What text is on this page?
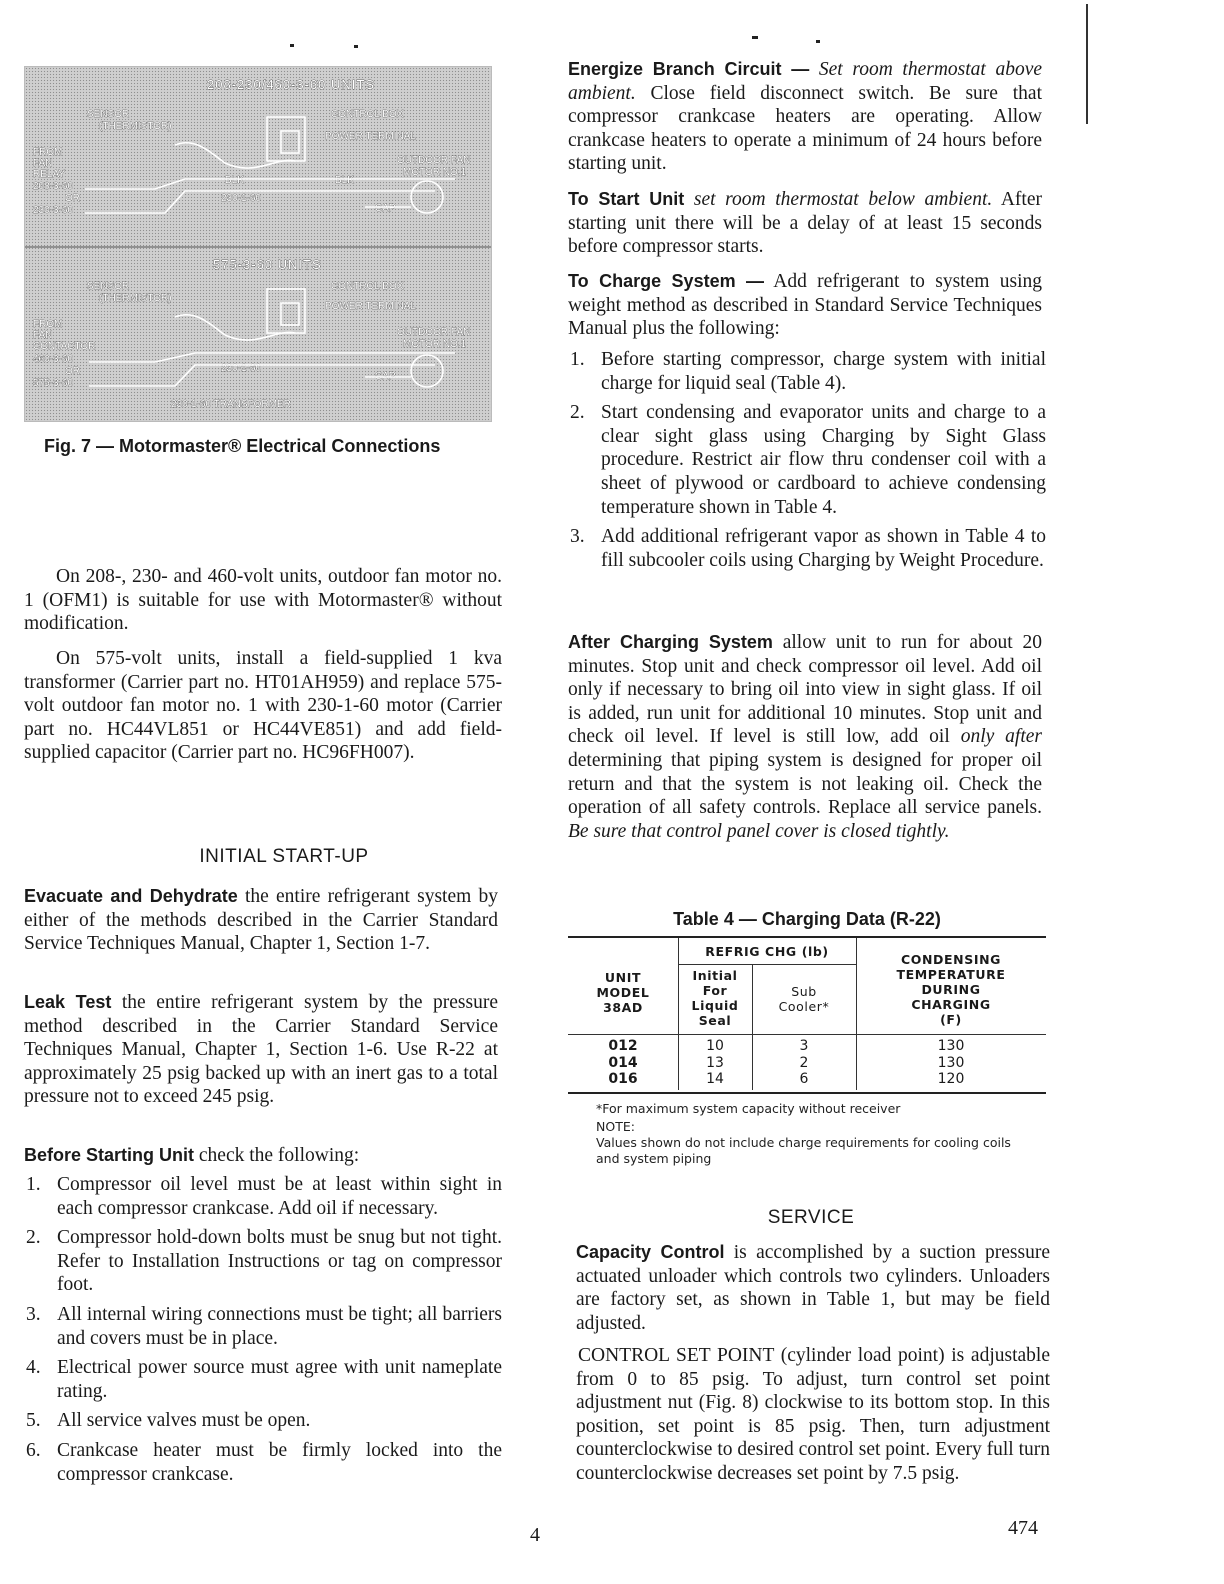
208-230/460-3-60 UNITS
SENSOR
(THERMISTOR)
FROM
FAN
RELAY
208-3-60
OR
230-3-60
CONTROL BOX
POWER TERMINAL
BLK	BLK
230-1-60
OUTDOOR FAN
MOTOR NO.1
CAP
575-3-60 UNITS
SENSOR
(THERMISTOR)
FROM
FAN
CONTACTOR
460-3-60
OR
575-3-60
CONTROL BOX
POWER TERMINAL
230-1-60
OUTDOOR FAN
MOTOR NO.1
CAP
230-1-60 TRANSFORMER
Fig. 7 — Motormaster® Electrical Connections

On 208-, 230- and 460-volt units, outdoor fan motor no. 1 (OFM1) is suitable for use with Motormaster® without modification.

On 575-volt units, install a field-supplied 1 kva transformer (Carrier part no. HT01AH959) and replace 575-volt outdoor fan motor no. 1 with 230-1-60 motor (Carrier part no. HC44VL851 or HC44VE851) and add field-supplied capacitor (Carrier part no. HC96FH007).

INITIAL START-UP

Evacuate and Dehydrate the entire refrigerant system by either of the methods described in the Carrier Standard Service Techniques Manual, Chapter 1, Section 1-7.

Leak Test the entire refrigerant system by the pressure method described in the Carrier Standard Service Techniques Manual, Chapter 1, Section 1-6. Use R-22 at approximately 25 psig backed up with an inert gas to a total pressure not to exceed 245 psig.

Before Starting Unit check the following:

1. Compressor oil level must be at least within sight in each compressor crankcase. Add oil if necessary.
2. Compressor hold-down bolts must be snug but not tight. Refer to Installation Instructions or tag on compressor foot.
3. All internal wiring connections must be tight; all barriers and covers must be in place.
4. Electrical power source must agree with unit nameplate rating.
5. All service valves must be open.
6. Crankcase heater must be firmly locked into the compressor crankcase.

Energize Branch Circuit — Set room thermostat above ambient. Close field disconnect switch. Be sure that compressor crankcase heaters are operating. Allow crankcase heaters to operate a minimum of 24 hours before starting unit.

To Start Unit set room thermostat below ambient. After starting unit there will be a delay of at least 15 seconds before compressor starts.

To Charge System — Add refrigerant to system using weight method as described in Standard Service Techniques Manual plus the following:

1. Before starting compressor, charge system with initial charge for liquid seal (Table 4).
2. Start condensing and evaporator units and charge to a clear sight glass using Charging by Sight Glass procedure. Restrict air flow thru condenser coil with a sheet of plywood or cardboard to achieve condensing temperature shown in Table 4.
3. Add additional refrigerant vapor as shown in Table 4 to fill subcooler coils using Charging by Weight Procedure.

After Charging System allow unit to run for about 20 minutes. Stop unit and check compressor oil level. Add oil only if necessary to bring oil into view in sight glass. If oil is added, run unit for additional 10 minutes. Stop unit and check oil level. If level is still low, add oil only after determining that piping system is designed for proper oil return and that the system is not leaking oil. Check the operation of all safety controls. Replace all service panels. Be sure that control panel cover is closed tightly.

Table 4 — Charging Data (R-22)
UNIT
MODEL
38AD
REFRIG CHG (lb)
Initial
For
Liquid
Seal
Sub
Cooler*
CONDENSING
TEMPERATURE
DURING
CHARGING
(F)
012
014
016
10
13
14
3
2
6
130
130
120
*For maximum system capacity without receiver
NOTE:
Values shown do not include charge requirements for cooling coils and system piping
SERVICE

Capacity Control is accomplished by a suction pressure actuated unloader which controls two cylinders. Unloaders are factory set, as shown in Table 1, but may be field adjusted.

CONTROL SET POINT (cylinder load point) is adjustable from 0 to 85 psig. To adjust, turn control set point adjustment nut (Fig. 8) clockwise to its bottom stop. In this position, set point is 85 psig. Then, turn adjustment counterclockwise to desired control set point. Every full turn counterclockwise decreases set point by 7.5 psig.

4	474
